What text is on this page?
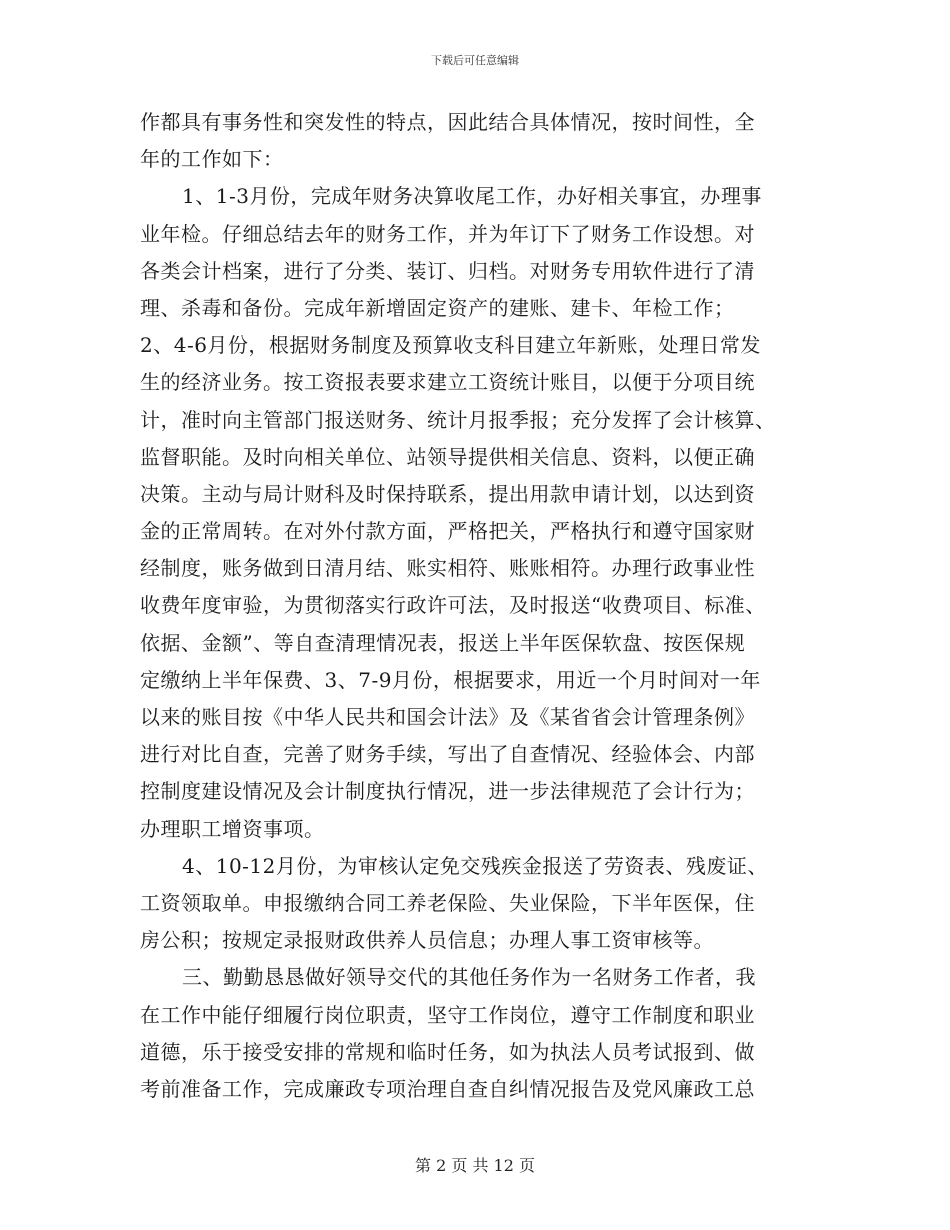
下载后可任意编辑
作都具有事务性和突发性的特点，因此结合具体情况，按时间性，全
年的工作如下：
1、1-3月份，完成年财务决算收尾工作，办好相关事宜，办理事
业年检。仔细总结去年的财务工作，并为年订下了财务工作设想。对
各类会计档案，进行了分类、装订、归档。对财务专用软件进行了清
理、杀毒和备份。完成年新增固定资产的建账、建卡、年检工作；
2、4-6月份，根据财务制度及预算收支科目建立年新账，处理日常发
生的经济业务。按工资报表要求建立工资统计账目，以便于分项目统
计，准时向主管部门报送财务、统计月报季报；充分发挥了会计核算、
监督职能。及时向相关单位、站领导提供相关信息、资料，以便正确
决策。主动与局计财科及时保持联系，提出用款申请计划，以达到资
金的正常周转。在对外付款方面，严格把关，严格执行和遵守国家财
经制度，账务做到日清月结、账实相符、账账相符。办理行政事业性
收费年度审验，为贯彻落实行政许可法，及时报送“收费项目、标准、
依据、金额”、等自查清理情况表，报送上半年医保软盘、按医保规
定缴纳上半年保费、3、7-9月份，根据要求，用近一个月时间对一年
以来的账目按《中华人民共和国会计法》及《某省省会计管理条例》
进行对比自查，完善了财务手续，写出了自查情况、经验体会、内部
控制度建设情况及会计制度执行情况，进一步法律规范了会计行为；
办理职工增资事项。
4、10-12月份，为审核认定免交残疾金报送了劳资表、残废证、
工资领取单。申报缴纳合同工养老保险、失业保险，下半年医保，住
房公积；按规定录报财政供养人员信息；办理人事工资审核等。
三、勤勤恳恳做好领导交代的其他任务作为一名财务工作者，我
在工作中能仔细履行岗位职责，坚守工作岗位，遵守工作制度和职业
道德，乐于接受安排的常规和临时任务，如为执法人员考试报到、做
考前准备工作，完成廉政专项治理自查自纠情况报告及党风廉政工总
第 2 页 共 12 页
